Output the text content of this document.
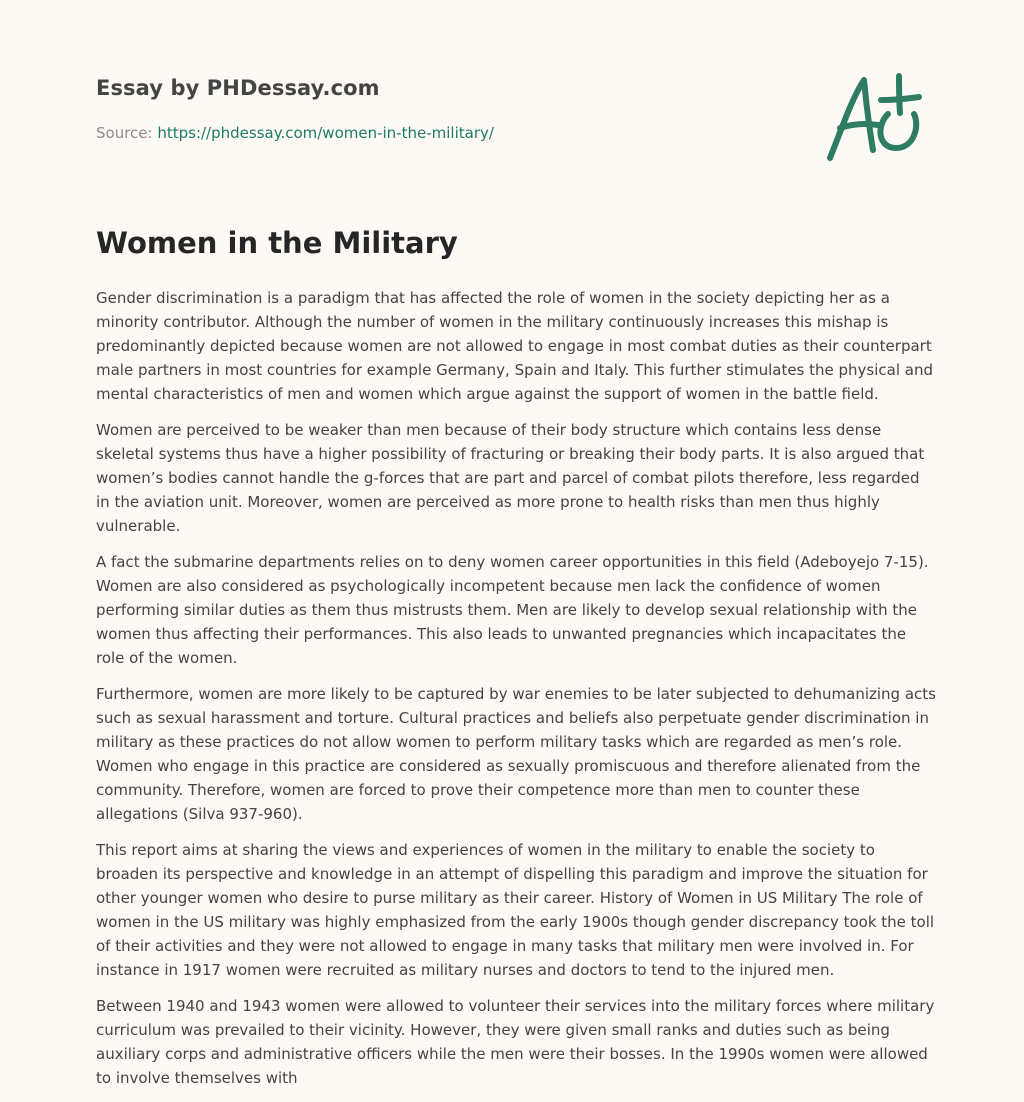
Essay by PHDessay.com
Source: https://phdessay.com/women-in-the-military/
Women in the Military

Gender discrimination is a paradigm that has affected the role of women in the society depicting her as a minority contributor. Although the number of women in the military continuously increases this mishap is predominantly depicted because women are not allowed to engage in most combat duties as their counterpart male partners in most countries for example Germany, Spain and Italy. This further stimulates the physical and mental characteristics of men and women which argue against the support of women in the battle field.

Women are perceived to be weaker than men because of their body structure which contains less dense skeletal systems thus have a higher possibility of fracturing or breaking their body parts. It is also argued that women’s bodies cannot handle the g-forces that are part and parcel of combat pilots therefore, less regarded in the aviation unit. Moreover, women are perceived as more prone to health risks than men thus highly vulnerable.

A fact the submarine departments relies on to deny women career opportunities in this field (Adeboyejo 7-15). Women are also considered as psychologically incompetent because men lack the confidence of women performing similar duties as them thus mistrusts them. Men are likely to develop sexual relationship with the women thus affecting their performances. This also leads to unwanted pregnancies which incapacitates the role of the women.

Furthermore, women are more likely to be captured by war enemies to be later subjected to dehumanizing acts such as sexual harassment and torture. Cultural practices and beliefs also perpetuate gender discrimination in military as these practices do not allow women to perform military tasks which are regarded as men’s role. Women who engage in this practice are considered as sexually promiscuous and therefore alienated from the community. Therefore, women are forced to prove their competence more than men to counter these allegations (Silva 937-960).

This report aims at sharing the views and experiences of women in the military to enable the society to broaden its perspective and knowledge in an attempt of dispelling this paradigm and improve the situation for other younger women who desire to purse military as their career. History of Women in US Military The role of women in the US military was highly emphasized from the early 1900s though gender discrepancy took the toll of their activities and they were not allowed to engage in many tasks that military men were involved in. For instance in 1917 women were recruited as military nurses and doctors to tend to the injured men.

Between 1940 and 1943 women were allowed to volunteer their services into the military forces where military curriculum was prevailed to their vicinity. However, they were given small ranks and duties such as being auxiliary corps and administrative officers while the men were their bosses. In the 1990s women were allowed to involve themselves with
